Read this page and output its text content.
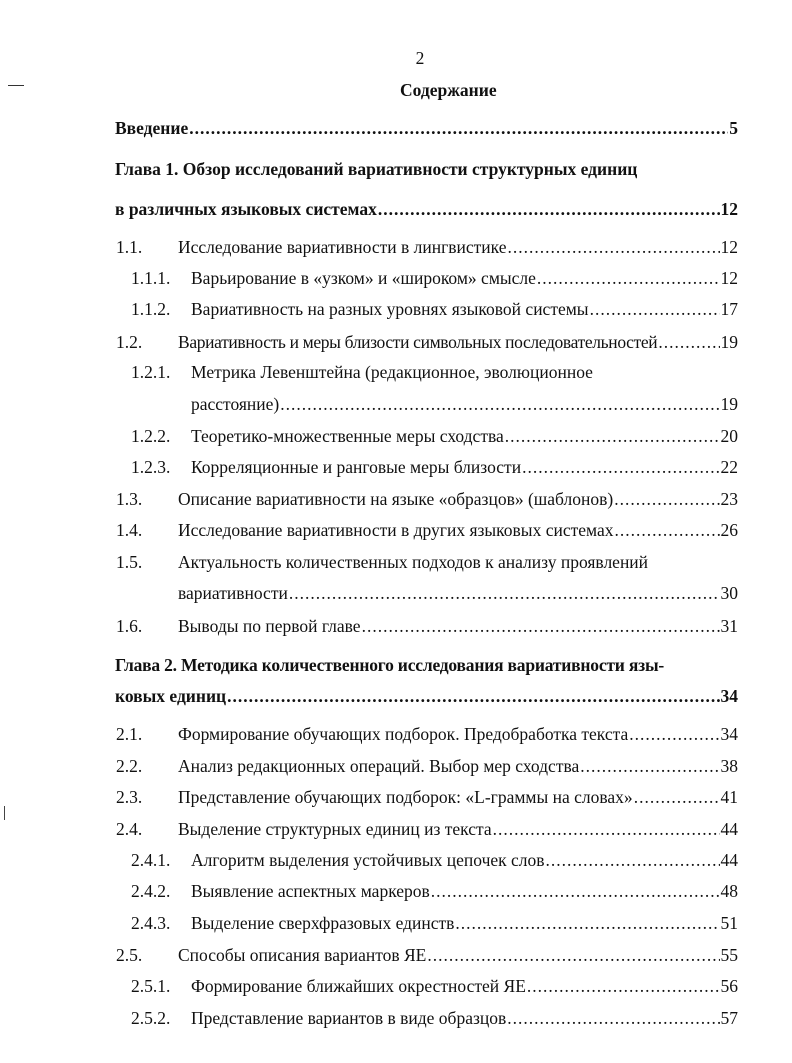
2
Содержание
Введение .....	5
Глава 1. Обзор исследований вариативности структурных единиц
в различных языковых системах .....	12
1.1. Исследование вариативности в лингвистике .....	12
1.1.1. Варьирование в «узком» и «широком» смысле .....	12
1.1.2. Вариативность на разных уровнях языковой системы .....	17
1.2. Вариативность и меры близости символьных последовательностей .....	19
1.2.1. Метрика Левенштейна (редакционное, эволюционное
расстояние) .....	19
1.2.2. Теоретико-множественные меры сходства .....	20
1.2.3. Корреляционные и ранговые меры близости .....	22
1.3. Описание вариативности на языке «образцов» (шаблонов) .....	23
1.4. Исследование вариативности в других языковых системах .....	26
1.5. Актуальность количественных подходов к анализу проявлений
вариативности .....	30
1.6. Выводы по первой главе .....	31
Глава 2. Методика количественного исследования вариативности язы-
ковых единиц .....	34
2.1. Формирование обучающих подборок. Предобработка текста .....	34
2.2. Анализ редакционных операций. Выбор мер сходства .....	38
2.3. Представление обучающих подборок: «L-граммы на словах» .....	41
2.4. Выделение структурных единиц из текста .....	44
2.4.1. Алгоритм выделения устойчивых цепочек слов .....	44
2.4.2. Выявление аспектных маркеров .....	48
2.4.3. Выделение сверхфразовых единств .....	51
2.5. Способы описания вариантов ЯЕ .....	55
2.5.1. Формирование ближайших окрестностей ЯЕ .....	56
2.5.2. Представление вариантов в виде образцов .....	57
